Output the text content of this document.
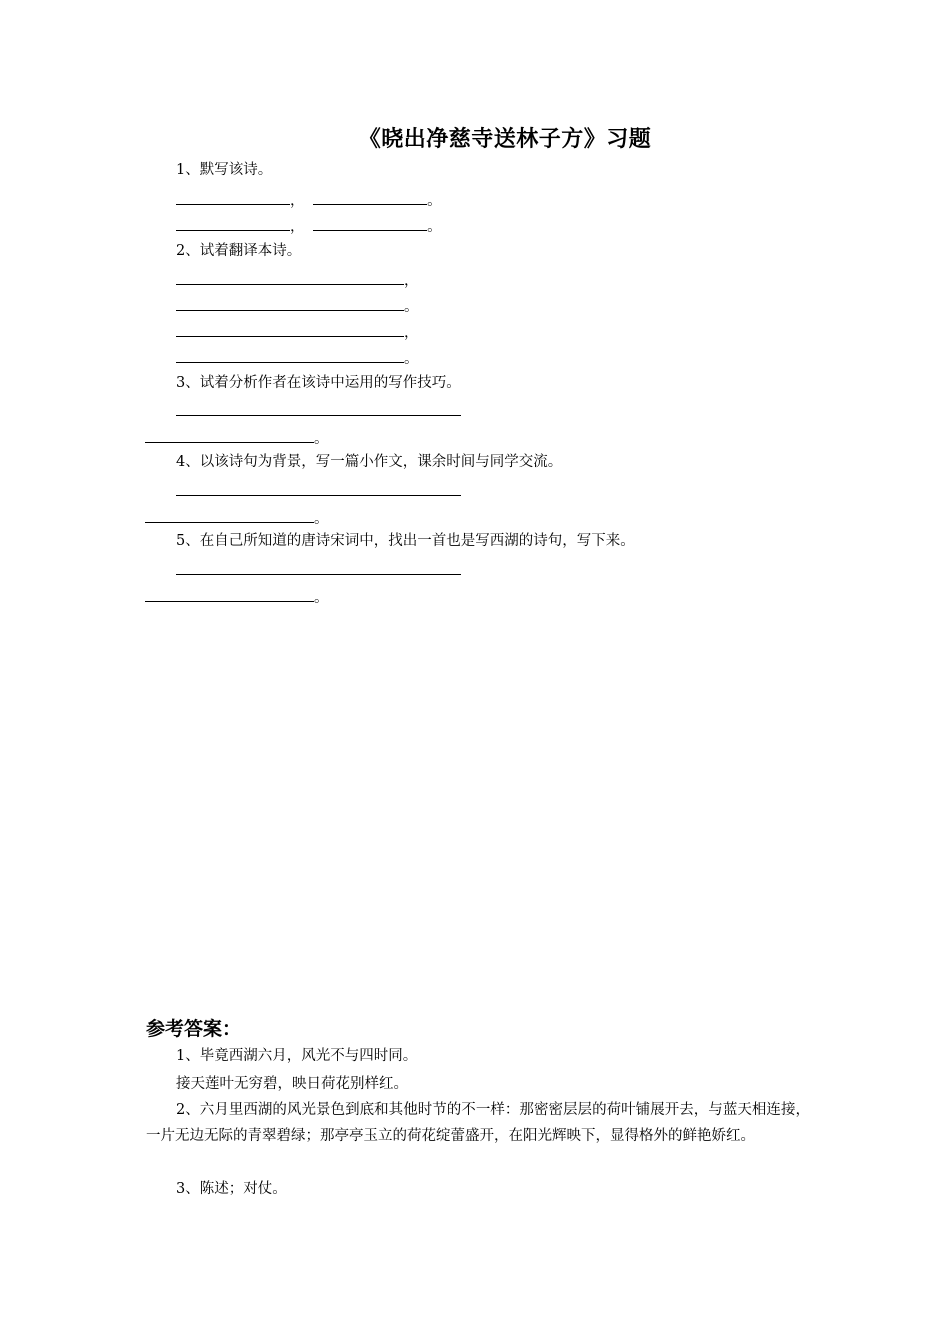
《晓出净慈寺送林子方》习题
1、默写该诗。
，	。
，	。
2、试着翻译本诗。
，
。
，
。
3、试着分析作者在该诗中运用的写作技巧。
。
4、以该诗句为背景，写一篇小作文，课余时间与同学交流。
。
5、在自己所知道的唐诗宋词中，找出一首也是写西湖的诗句，写下来。
。
参考答案：
1、毕竟西湖六月，风光不与四时同。
接天莲叶无穷碧，映日荷花别样红。
2、六月里西湖的风光景色到底和其他时节的不一样：那密密层层的荷叶铺展开去，与蓝天相连接，一片无边无际的青翠碧绿；那亭亭玉立的荷花绽蕾盛开，在阳光辉映下，显得格外的鲜艳娇红。
3、陈述；对仗。
